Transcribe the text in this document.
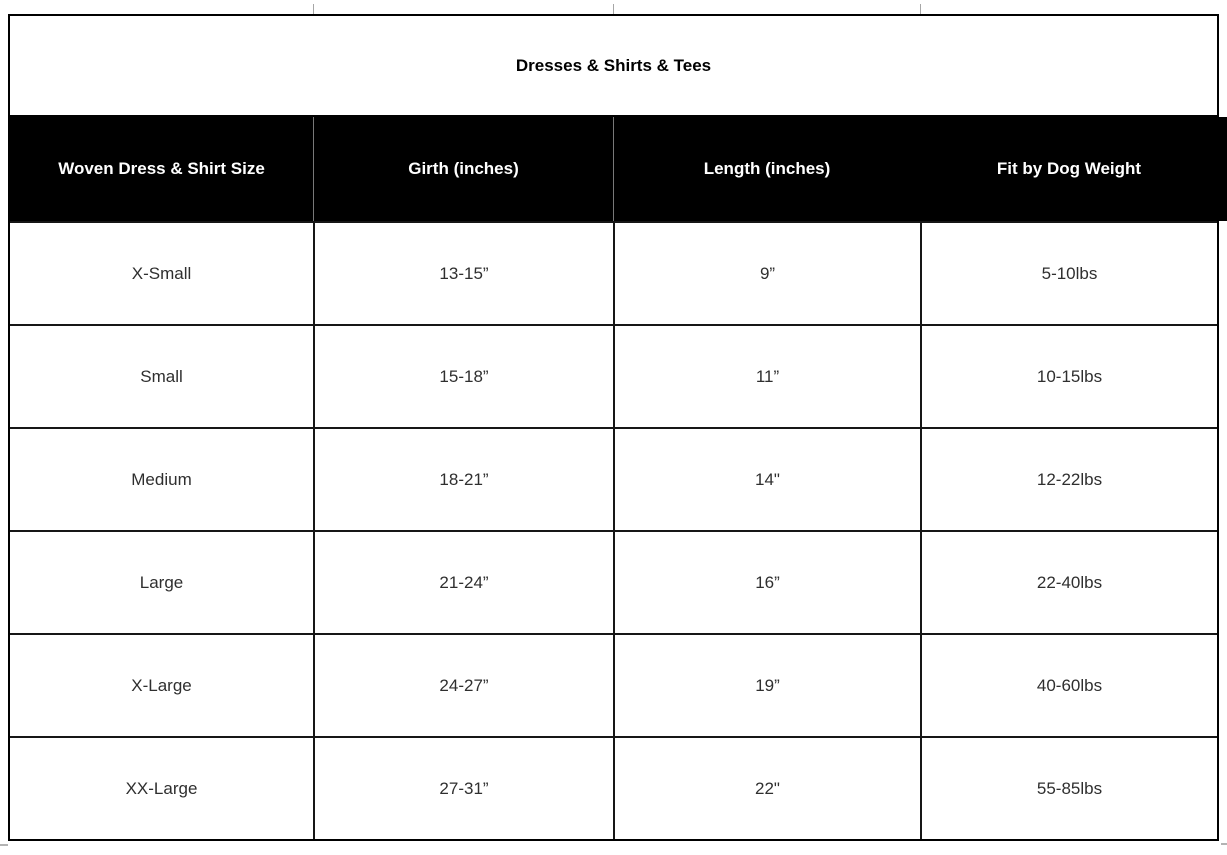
Dresses & Shirts & Tees			
Woven Dress & Shirt Size	Girth (inches)	Length (inches)	Fit by Dog Weight
X-Small	13-15”	9”	5-10lbs
Small	15-18”	11”	10-15lbs
Medium	18-21”	14"	12-22lbs
Large	21-24”	16”	22-40lbs
X-Large	24-27”	19”	40-60lbs
XX-Large	27-31”	22"	55-85lbs
